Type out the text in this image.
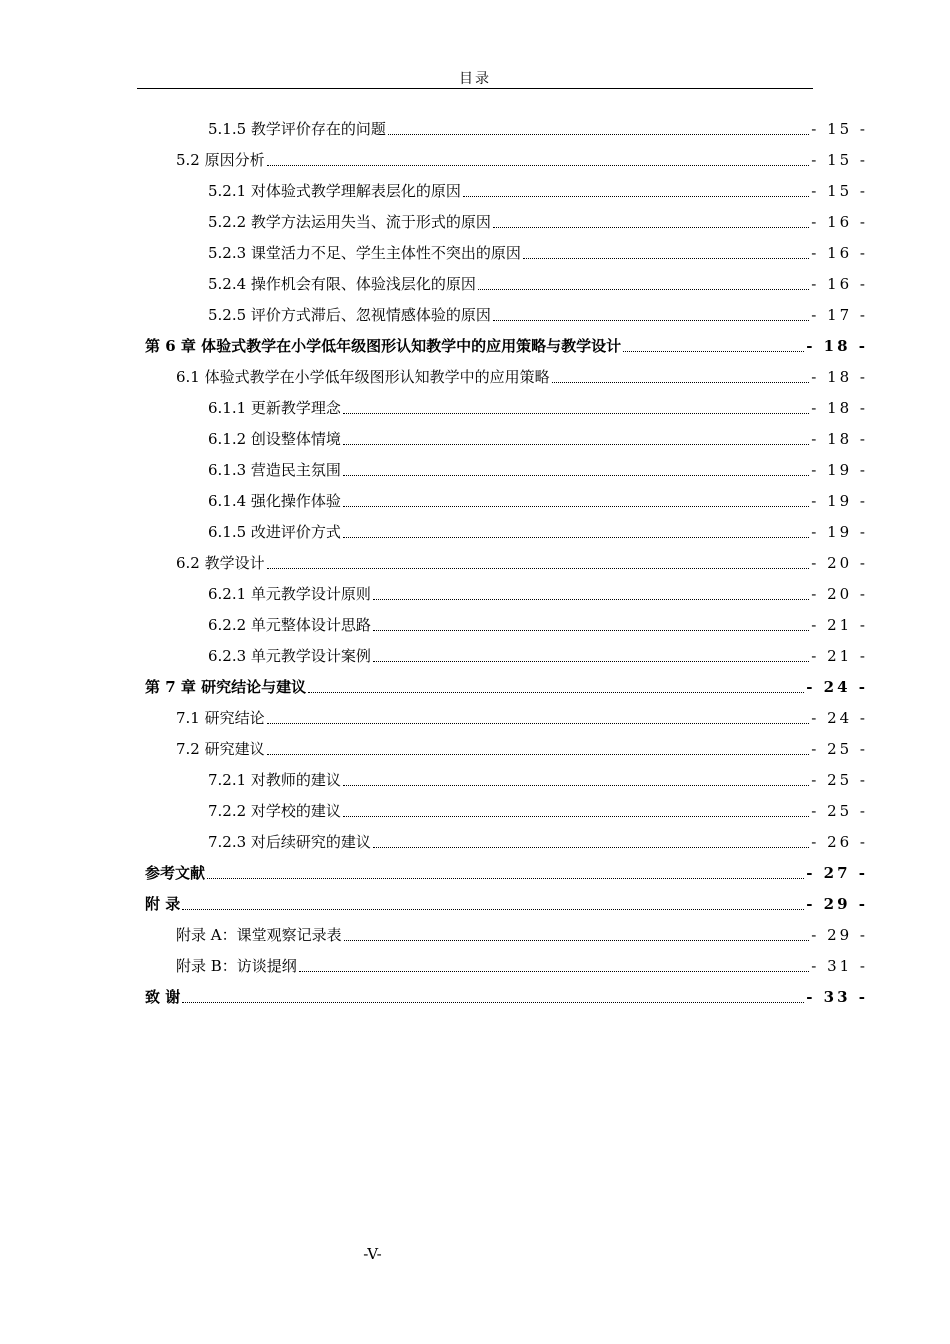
目录
5.1.5 教学评价存在的问题	- 15 -
5.2 原因分析	- 15 -
5.2.1 对体验式教学理解表层化的原因	- 15 -
5.2.2 教学方法运用失当、流于形式的原因	- 16 -
5.2.3 课堂活力不足、学生主体性不突出的原因	- 16 -
5.2.4 操作机会有限、体验浅层化的原因	- 16 -
5.2.5 评价方式滞后、忽视情感体验的原因	- 17 -
第 6 章 体验式教学在小学低年级图形认知教学中的应用策略与教学设计	- 18 -
6.1 体验式教学在小学低年级图形认知教学中的应用策略	- 18 -
6.1.1 更新教学理念	- 18 -
6.1.2 创设整体情境	- 18 -
6.1.3 营造民主氛围	- 19 -
6.1.4 强化操作体验	- 19 -
6.1.5 改进评价方式	- 19 -
6.2 教学设计	- 20 -
6.2.1 单元教学设计原则	- 20 -
6.2.2 单元整体设计思路	- 21 -
6.2.3 单元教学设计案例	- 21 -
第 7 章 研究结论与建议	- 24 -
7.1 研究结论	- 24 -
7.2 研究建议	- 25 -
7.2.1 对教师的建议	- 25 -
7.2.2 对学校的建议	- 25 -
7.2.3 对后续研究的建议	- 26 -
参考文献	- 27 -
附 录	- 29 -
附录 A：课堂观察记录表	- 29 -
附录 B：访谈提纲	- 31 -
致 谢	- 33 -
-V-
